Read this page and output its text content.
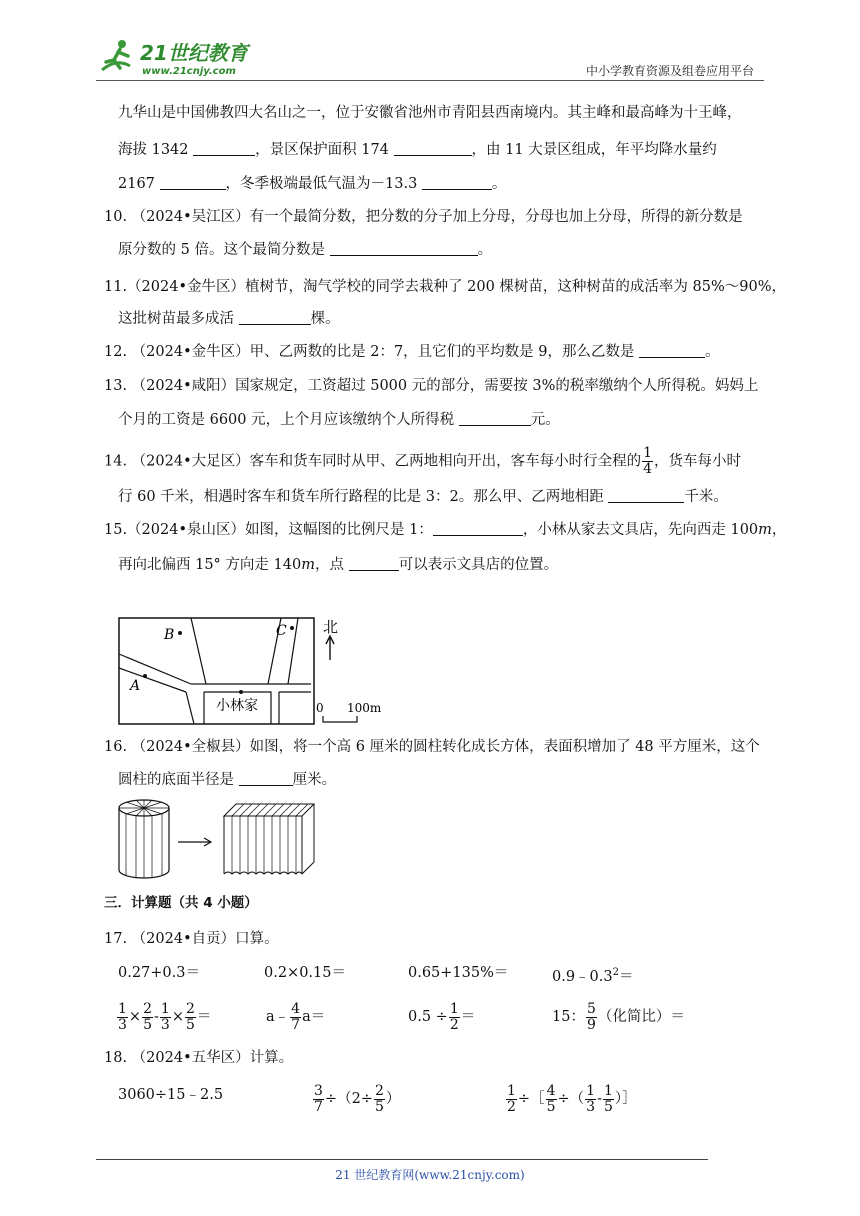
21世纪教育
www.21cnjy.com	中小学教育资源及组卷应用平台
九华山是中国佛教四大名山之一，位于安徽省池州市青阳县西南境内。其主峰和最高峰为十王峰，
海拔 1342	，景区保护面积 174	，由 11 大景区组成，年平均降水量约
2167	，冬季极端最低气温为－13.3	。
10. （2024•吴江区）有一个最简分数，把分数的分子加上分母，分母也加上分母，所得的新分数是
原分数的 5 倍。这个最简分数是	。
11.（2024•金牛区）植树节，淘气学校的同学去栽种了 200 棵树苗，这种树苗的成活率为 85%～90%，
这批树苗最多成活	棵。
12. （2024•金牛区）甲、乙两数的比是 2：7，且它们的平均数是 9，那么乙数是	。
13. （2024•咸阳）国家规定，工资超过 5000 元的部分，需要按 3%的税率缴纳个人所得税。妈妈上
个月的工资是 6600 元，上个月应该缴纳个人所得税	元。
14. （2024•大足区）客车和货车同时从甲、乙两地相向开出，客车每小时行全程的 $\frac{1}{4}$ ，货车每小时
行 60 千米，相遇时客车和货车所行路程的比是 3：2。那么甲、乙两地相距	千米。
15.（2024•泉山区）如图，这幅图的比例尺是 1：	，小林从家去文具店，先向西走 100m，
再向北偏西 15° 方向走 140m，点	可以表示文具店的位置。
B	C
A
小林家
北
0 100m
16. （2024•全椒县）如图，将一个高 6 厘米的圆柱转化成长方体，表面积增加了 48 平方厘米，这个
圆柱的底面半径是	厘米。
三．计算题（共 4 小题）
17. （2024•自贡）口算。
0.27+0.3＝	0.2×0.15＝	0.65+135%＝	$0.9﹣0.3^2=$
$\frac{1}{3} \times \frac{2}{5} - \frac{1}{3} \times \frac{2}{5}$ ＝	a﹣ $\frac{4}{7} a=$	$0.5 \div \frac{1}{2}$ ＝	15： $\frac{5}{9}$ （化简比）＝
18. （2024•五华区）计算。
3060÷15﹣2.5	$\frac{3}{7} \div(2\div \frac{2}{5}$ ）	$\frac{1}{2}$ ÷［ $\frac{4}{5}$ ÷（ $\frac{1}{3} - \frac{1}{5}$ ）］
21 世纪教育网(www.21cnjy.com)
